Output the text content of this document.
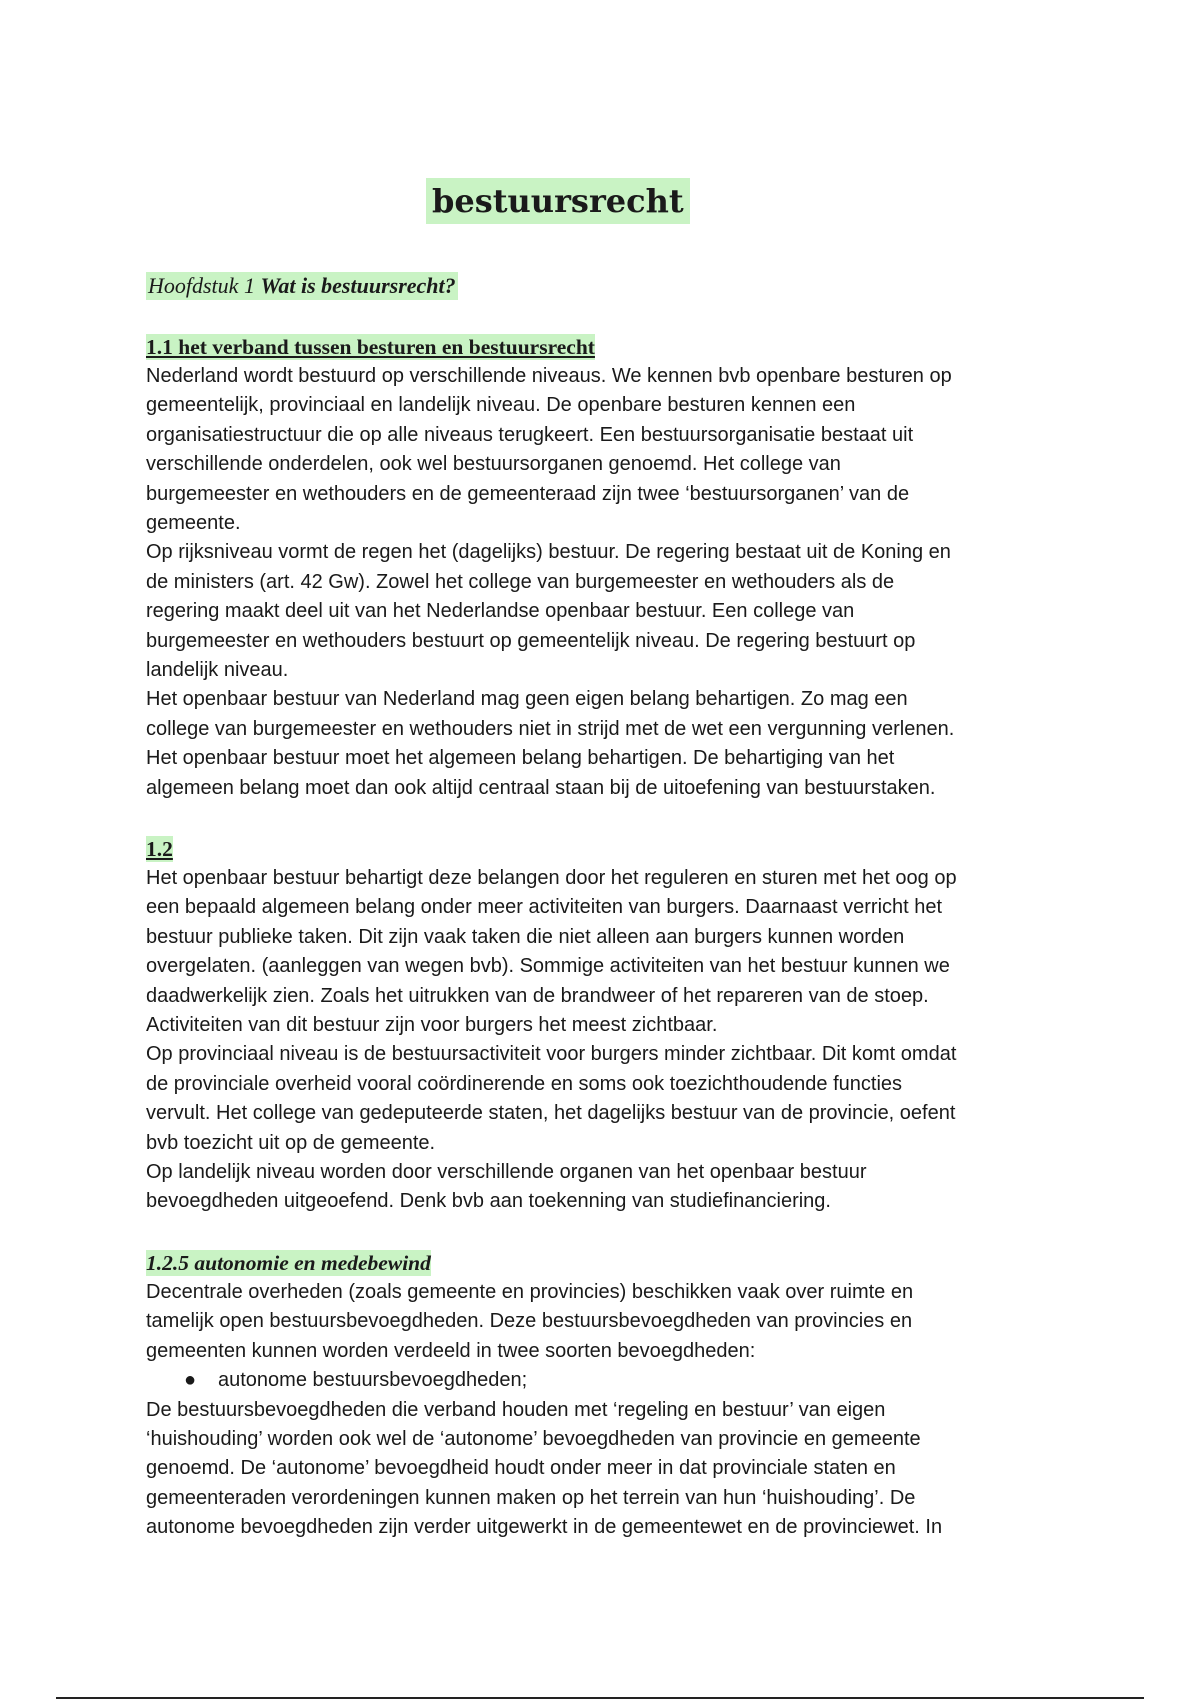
bestuursrecht
Hoofdstuk 1 Wat is bestuursrecht?
1.1 het verband tussen besturen en bestuursrecht

Nederland wordt bestuurd op verschillende niveaus. We kennen bvb openbare besturen op

gemeentelijk, provinciaal en landelijk niveau. De openbare besturen kennen een

organisatiestructuur die op alle niveaus terugkeert. Een bestuursorganisatie bestaat uit

verschillende onderdelen, ook wel bestuursorganen genoemd. Het college van

burgemeester en wethouders en de gemeenteraad zijn twee ‘bestuursorganen’ van de

gemeente.

Op rijksniveau vormt de regen het (dagelijks) bestuur. De regering bestaat uit de Koning en

de ministers (art. 42 Gw). Zowel het college van burgemeester en wethouders als de

regering maakt deel uit van het Nederlandse openbaar bestuur. Een college van

burgemeester en wethouders bestuurt op gemeentelijk niveau. De regering bestuurt op

landelijk niveau.

Het openbaar bestuur van Nederland mag geen eigen belang behartigen. Zo mag een

college van burgemeester en wethouders niet in strijd met de wet een vergunning verlenen.

Het openbaar bestuur moet het algemeen belang behartigen. De behartiging van het

algemeen belang moet dan ook altijd centraal staan bij de uitoefening van bestuurstaken.

1.2

Het openbaar bestuur behartigt deze belangen door het reguleren en sturen met het oog op

een bepaald algemeen belang onder meer activiteiten van burgers. Daarnaast verricht het

bestuur publieke taken. Dit zijn vaak taken die niet alleen aan burgers kunnen worden

overgelaten. (aanleggen van wegen bvb). Sommige activiteiten van het bestuur kunnen we

daadwerkelijk zien. Zoals het uitrukken van de brandweer of het repareren van de stoep.

Activiteiten van dit bestuur zijn voor burgers het meest zichtbaar.

Op provinciaal niveau is de bestuursactiviteit voor burgers minder zichtbaar. Dit komt omdat

de provinciale overheid vooral coördinerende en soms ook toezichthoudende functies

vervult. Het college van gedeputeerde staten, het dagelijks bestuur van de provincie, oefent

bvb toezicht uit op de gemeente.

Op landelijk niveau worden door verschillende organen van het openbaar bestuur

bevoegdheden uitgeoefend. Denk bvb aan toekenning van studiefinanciering.

1.2.5 autonomie en medebewind

Decentrale overheden (zoals gemeente en provincies) beschikken vaak over ruimte en

tamelijk open bestuursbevoegdheden. Deze bestuursbevoegdheden van provincies en

gemeenten kunnen worden verdeeld in twee soorten bevoegdheden:

● autonome bestuursbevoegdheden;

De bestuursbevoegdheden die verband houden met ‘regeling en bestuur’ van eigen

‘huishouding’ worden ook wel de ‘autonome’ bevoegdheden van provincie en gemeente

genoemd. De ‘autonome’ bevoegdheid houdt onder meer in dat provinciale staten en

gemeenteraden verordeningen kunnen maken op het terrein van hun ‘huishouding’. De

autonome bevoegdheden zijn verder uitgewerkt in de gemeentewet en de provinciewet. In
